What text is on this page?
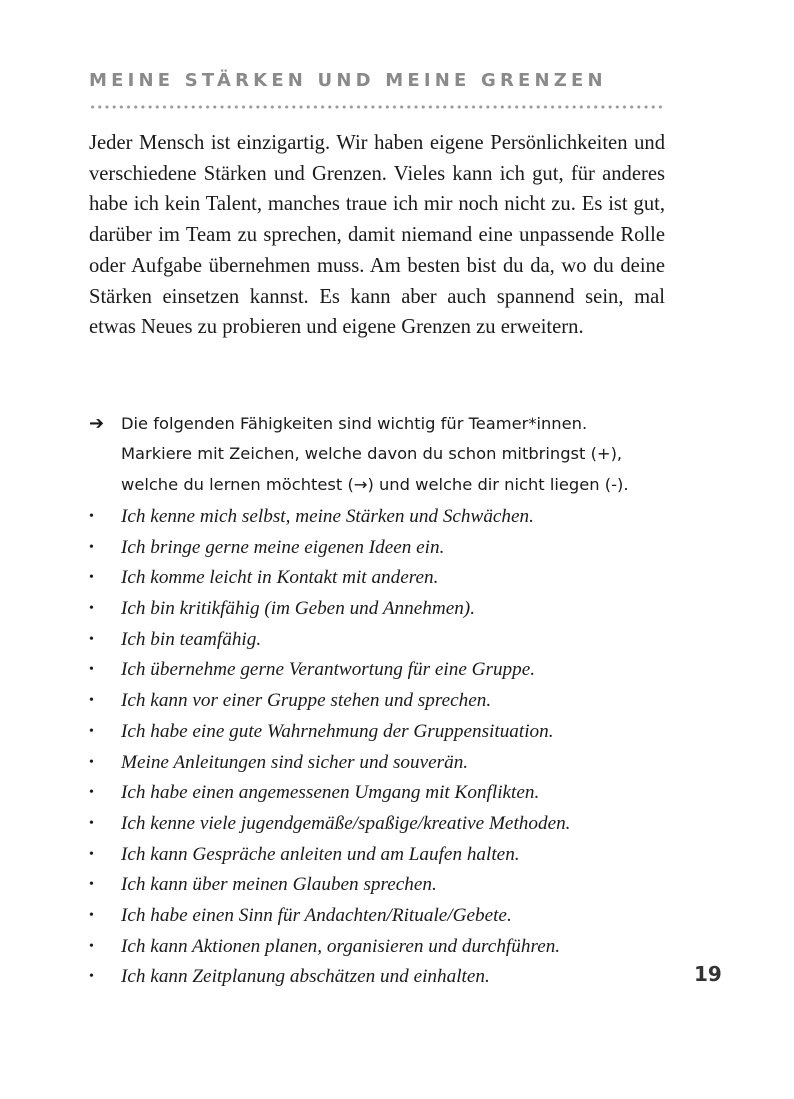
MEINE STÄRKEN UND MEINE GRENZEN

Jeder Mensch ist einzigartig. Wir haben eigene Persönlichkeiten und verschiedene Stärken und Grenzen. Vieles kann ich gut, für anderes habe ich kein Talent, manches traue ich mir noch nicht zu. Es ist gut, darüber im Team zu sprechen, damit niemand eine unpassende Rolle oder Aufgabe übernehmen muss. Am besten bist du da, wo du deine Stärken einsetzen kannst. Es kann aber auch spannend sein, mal etwas Neues zu probieren und eigene Grenzen zu erweitern.

➔	Die folgenden Fähigkeiten sind wichtig für Teamer*innen.
Markiere mit Zeichen, welche davon du schon mitbringst (+),
welche du lernen möchtest (→) und welche dir nicht liegen (-).
• Ich kenne mich selbst, meine Stärken und Schwächen.
• Ich bringe gerne meine eigenen Ideen ein.
• Ich komme leicht in Kontakt mit anderen.
• Ich bin kritikfähig (im Geben und Annehmen).
• Ich bin teamfähig.
• Ich übernehme gerne Verantwortung für eine Gruppe.
• Ich kann vor einer Gruppe stehen und sprechen.
• Ich habe eine gute Wahrnehmung der Gruppensituation.
• Meine Anleitungen sind sicher und souverän.
• Ich habe einen angemessenen Umgang mit Konflikten.
• Ich kenne viele jugendgemäße/spaßige/kreative Methoden.
• Ich kann Gespräche anleiten und am Laufen halten.
• Ich kann über meinen Glauben sprechen.
• Ich habe einen Sinn für Andachten/Rituale/Gebete.
• Ich kann Aktionen planen, organisieren und durchführen.
• Ich kann Zeitplanung abschätzen und einhalten.	19
